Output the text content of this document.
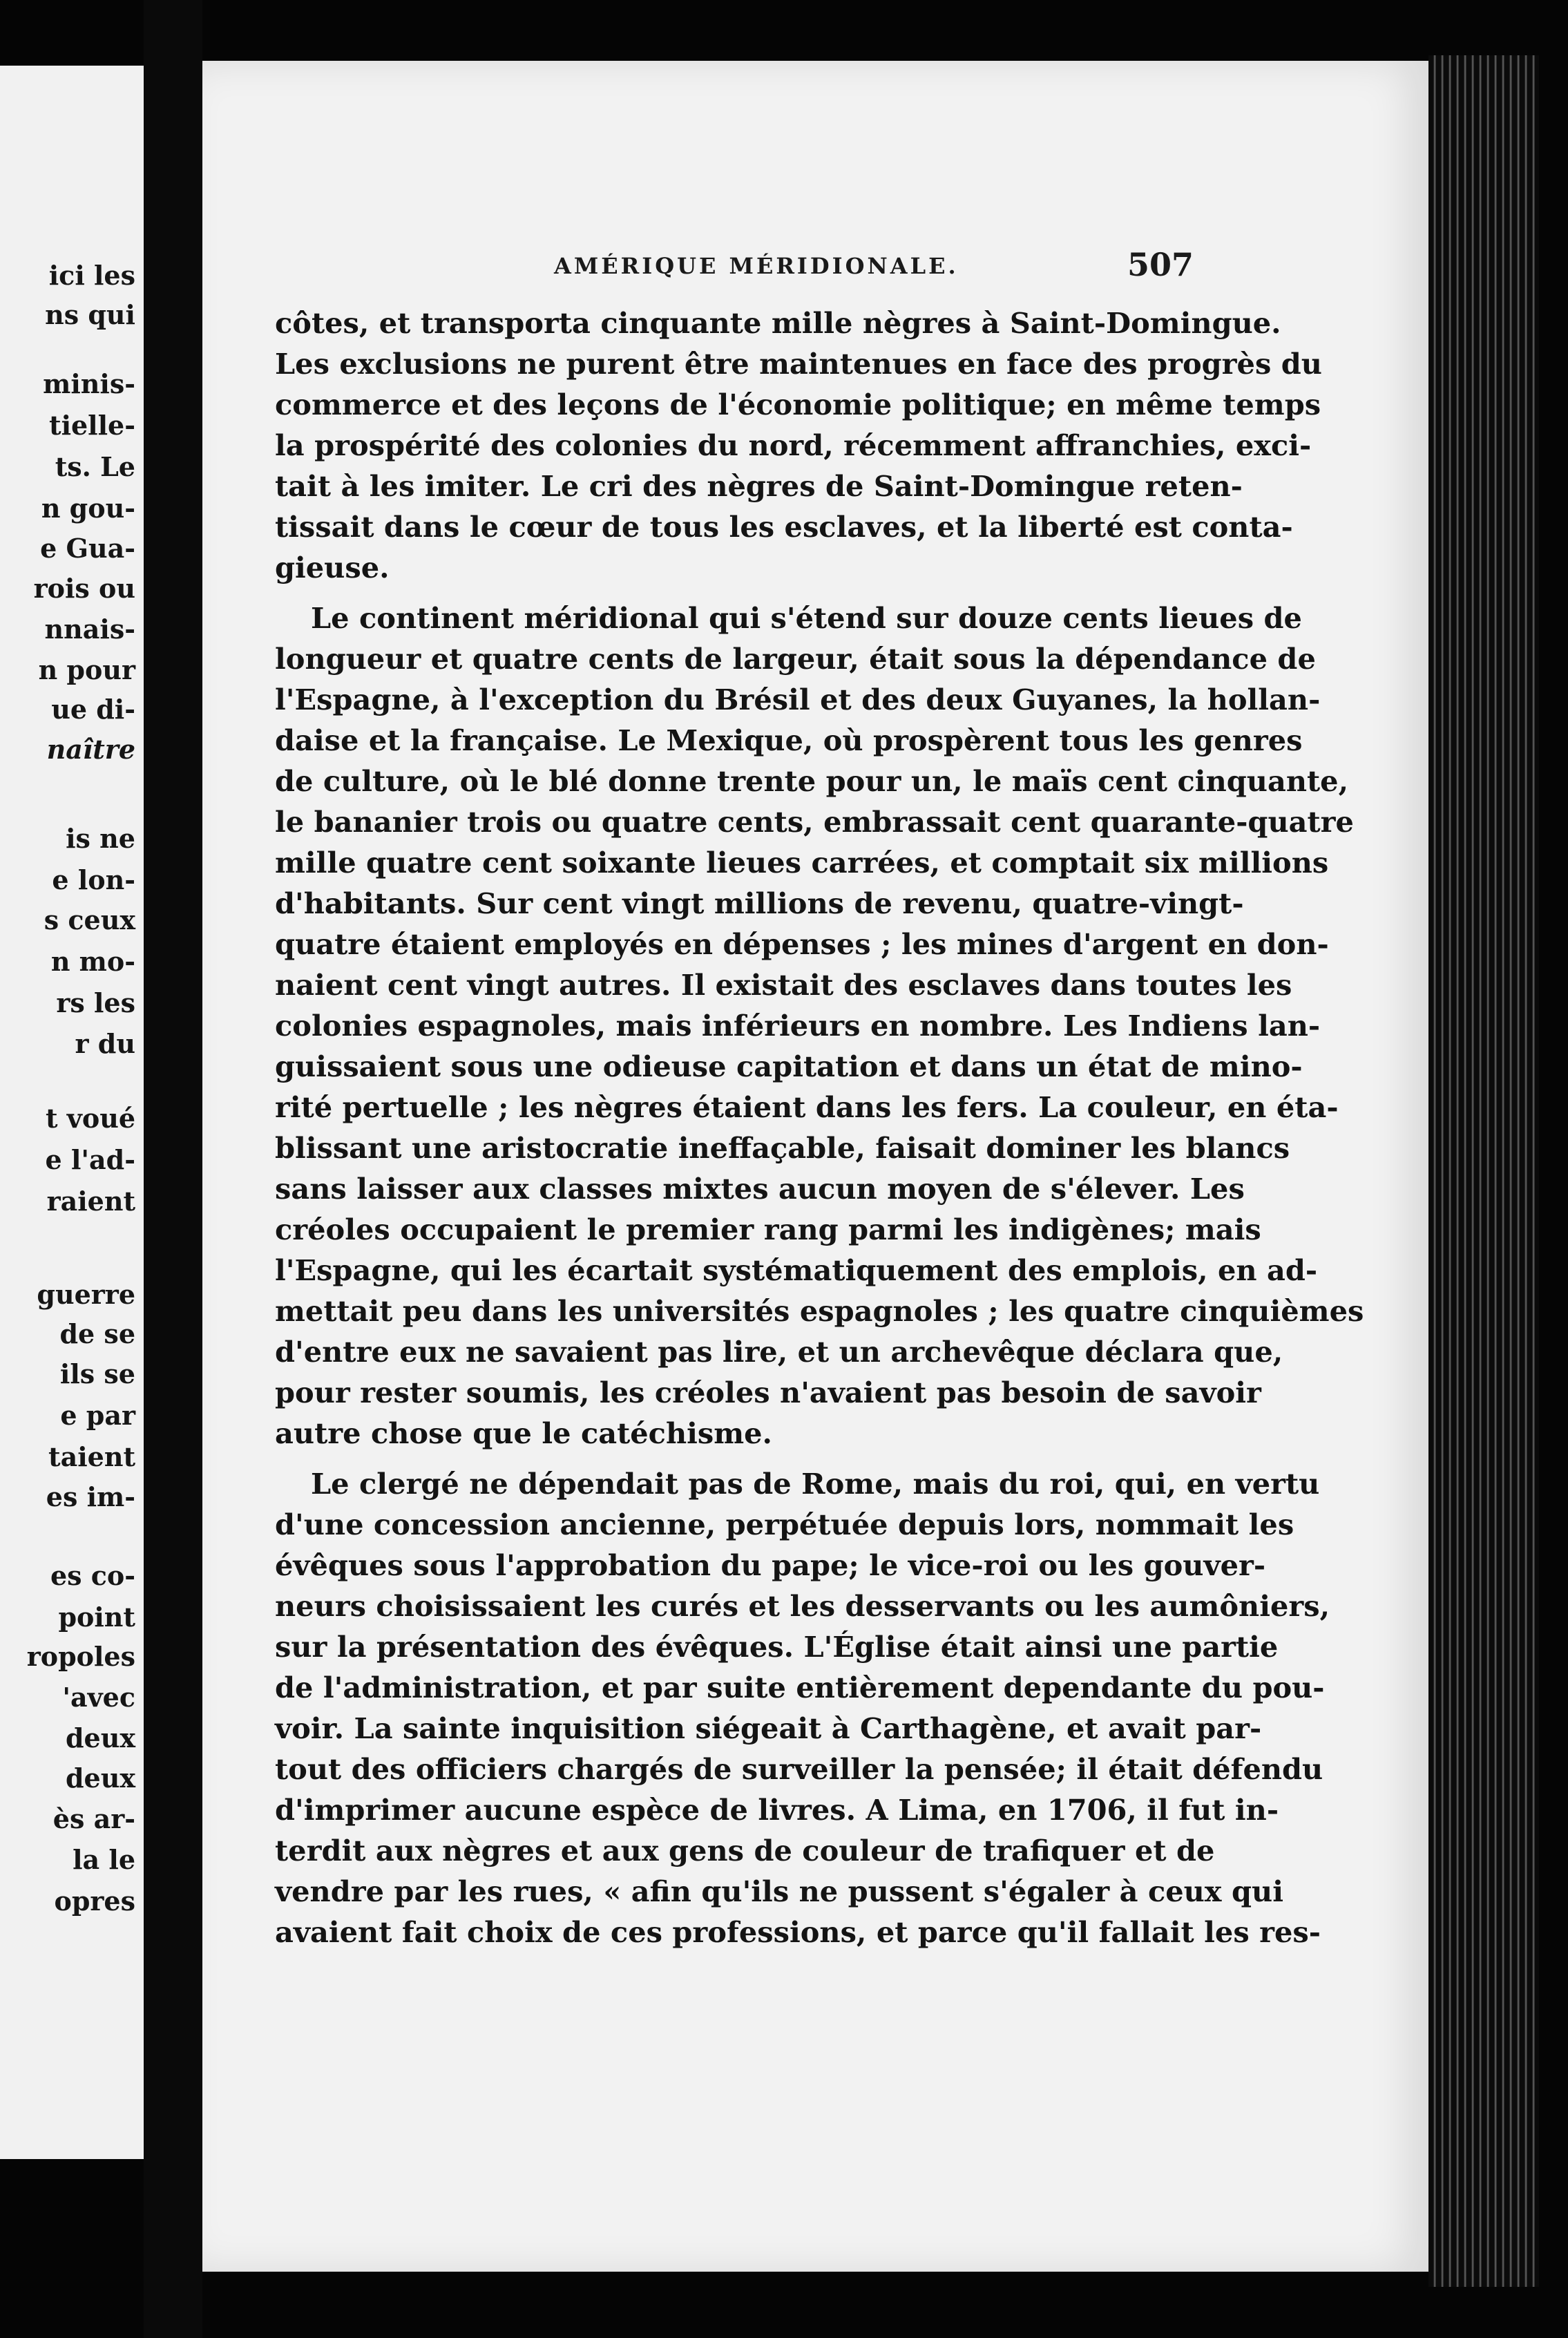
ici les
ns qui
minis-
tielle-
ts. Le
n gou-
e Gua-
rois ou
nnais-
n pour
ue di-
naître
is ne
e lon-
s ceux
n mo-
rs les
r du
t voué
e l'ad-
raient
guerre
de se
ils se
e par
taient
es im-
es co-
point
ropoles
'avec
deux
deux
ès ar-
la le
opres
AMÉRIQUE MÉRIDIONALE.	507
côtes, et transporta cinquante mille nègres à Saint-Domingue.
Les exclusions ne purent être maintenues en face des progrès du
commerce et des leçons de l'économie politique; en même temps
la prospérité des colonies du nord, récemment affranchies, exci-
tait à les imiter. Le cri des nègres de Saint-Domingue reten-
tissait dans le cœur de tous les esclaves, et la liberté est conta-
gieuse.
Le continent méridional qui s'étend sur douze cents lieues de
longueur et quatre cents de largeur, était sous la dépendance de
l'Espagne, à l'exception du Brésil et des deux Guyanes, la hollan-
daise et la française. Le Mexique, où prospèrent tous les genres
de culture, où le blé donne trente pour un, le maïs cent cinquante,
le bananier trois ou quatre cents, embrassait cent quarante-quatre
mille quatre cent soixante lieues carrées, et comptait six millions
d'habitants. Sur cent vingt millions de revenu, quatre-vingt-
quatre étaient employés en dépenses ; les mines d'argent en don-
naient cent vingt autres. Il existait des esclaves dans toutes les
colonies espagnoles, mais inférieurs en nombre. Les Indiens lan-
guissaient sous une odieuse capitation et dans un état de mino-
rité pertuelle ; les nègres étaient dans les fers. La couleur, en éta-
blissant une aristocratie ineffaçable, faisait dominer les blancs
sans laisser aux classes mixtes aucun moyen de s'élever. Les
créoles occupaient le premier rang parmi les indigènes; mais
l'Espagne, qui les écartait systématiquement des emplois, en ad-
mettait peu dans les universités espagnoles ; les quatre cinquièmes
d'entre eux ne savaient pas lire, et un archevêque déclara que,
pour rester soumis, les créoles n'avaient pas besoin de savoir
autre chose que le catéchisme.
Le clergé ne dépendait pas de Rome, mais du roi, qui, en vertu
d'une concession ancienne, perpétuée depuis lors, nommait les
évêques sous l'approbation du pape; le vice-roi ou les gouver-
neurs choisissaient les curés et les desservants ou les aumôniers,
sur la présentation des évêques. L'Église était ainsi une partie
de l'administration, et par suite entièrement dependante du pou-
voir. La sainte inquisition siégeait à Carthagène, et avait par-
tout des officiers chargés de surveiller la pensée; il était défendu
d'imprimer aucune espèce de livres. A Lima, en 1706, il fut in-
terdit aux nègres et aux gens de couleur de trafiquer et de
vendre par les rues, « afin qu'ils ne pussent s'égaler à ceux qui
avaient fait choix de ces professions, et parce qu'il fallait les res-
